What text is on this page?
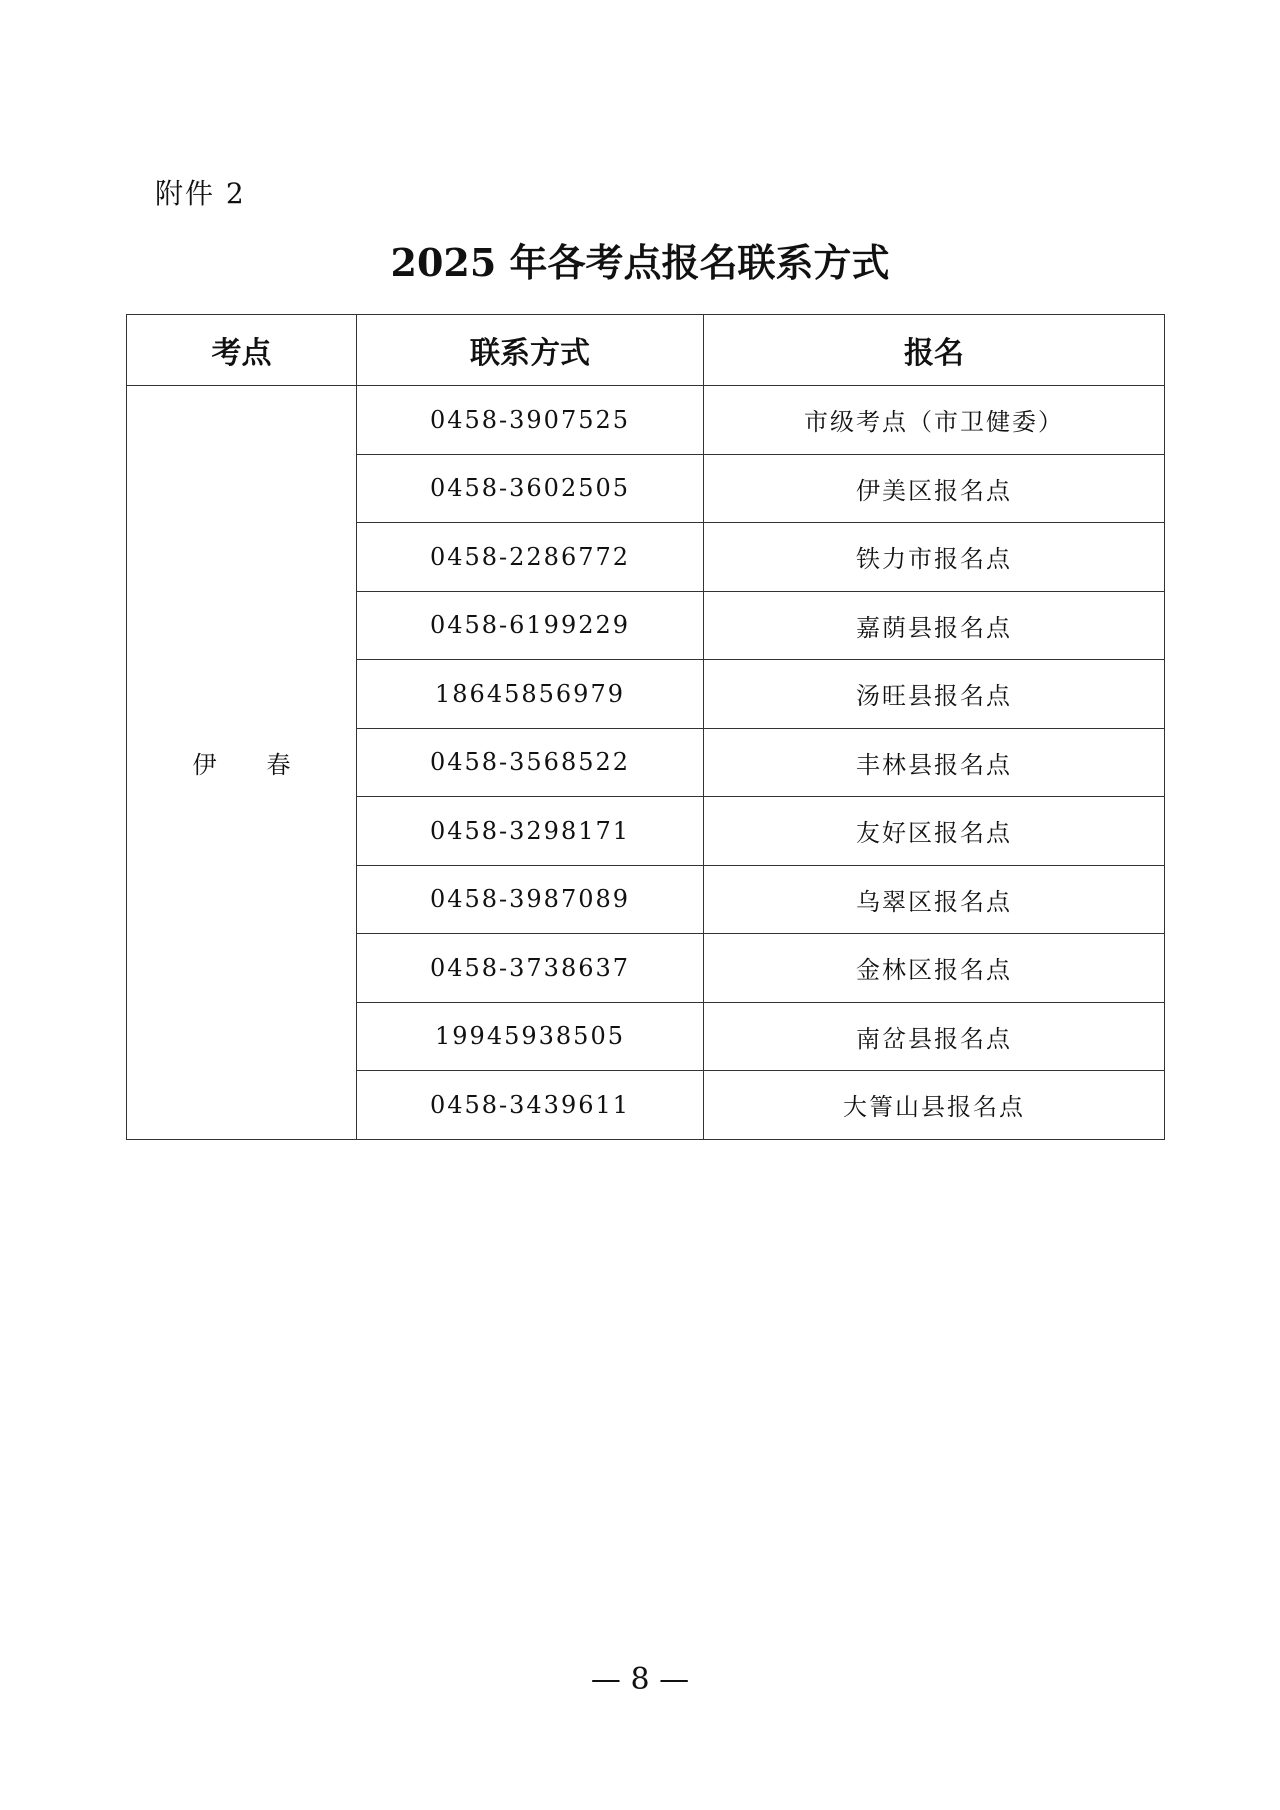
附件 2
2025 年各考点报名联系方式
考点	联系方式	报名
伊春	0458-3907525	市级考点（市卫健委）
	0458-3602505	伊美区报名点
	0458-2286772	铁力市报名点
	0458-6199229	嘉荫县报名点
	18645856979	汤旺县报名点
	0458-3568522	丰林县报名点
	0458-3298171	友好区报名点
	0458-3987089	乌翠区报名点
	0458-3738637	金林区报名点
	19945938505	南岔县报名点
	0458-3439611	大箐山县报名点
— 8 —
